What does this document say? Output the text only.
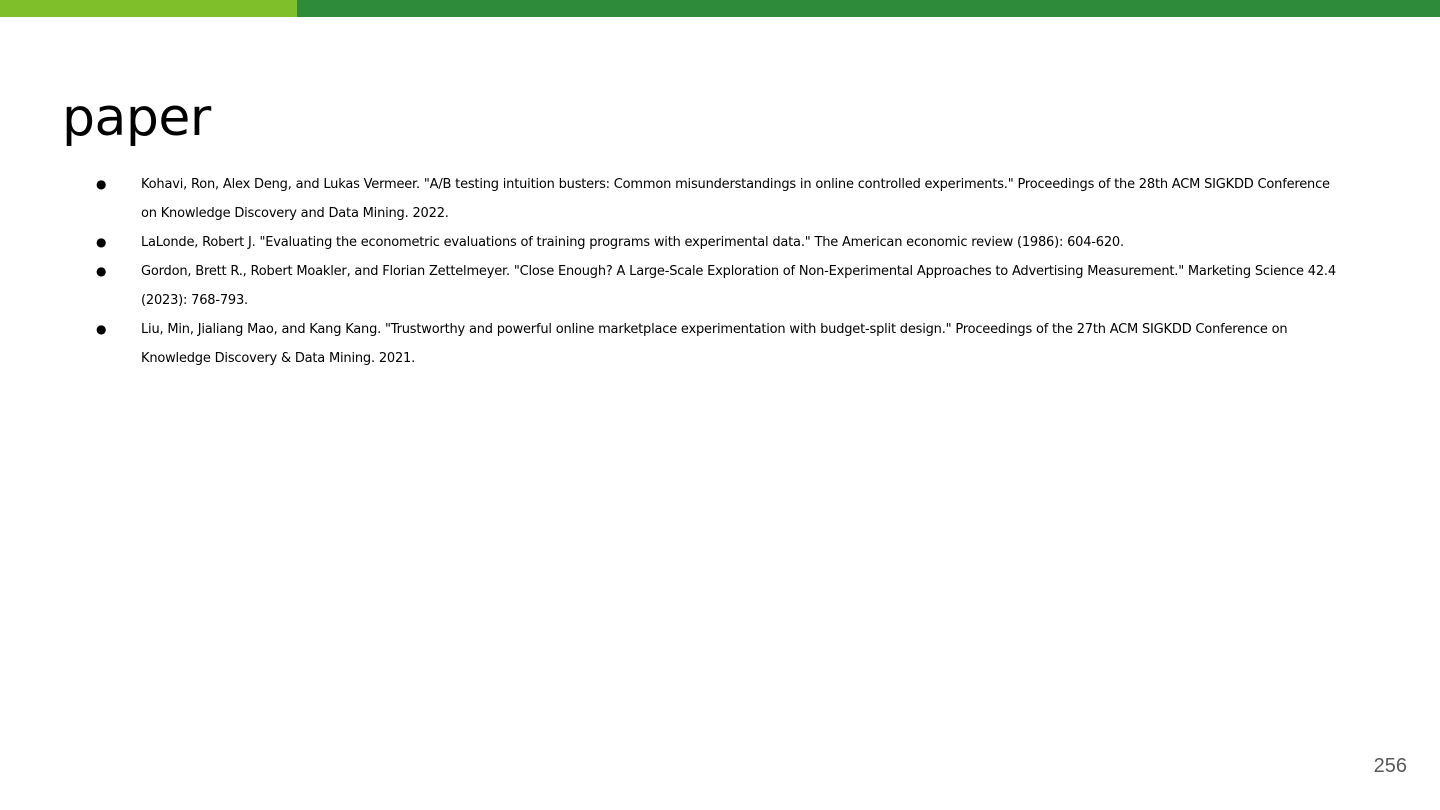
paper
●	Kohavi, Ron, Alex Deng, and Lukas Vermeer. "A/B testing intuition busters: Common misunderstandings in online controlled experiments." Proceedings of the 28th ACM SIGKDD Conference on Knowledge Discovery and Data Mining. 2022.
●	LaLonde, Robert J. "Evaluating the econometric evaluations of training programs with experimental data." The American economic review (1986): 604-620.
●	Gordon, Brett R., Robert Moakler, and Florian Zettelmeyer. "Close Enough? A Large-Scale Exploration of Non-Experimental Approaches to Advertising Measurement." Marketing Science 42.4 (2023): 768-793.
●	Liu, Min, Jialiang Mao, and Kang Kang. "Trustworthy and powerful online marketplace experimentation with budget-split design." Proceedings of the 27th ACM SIGKDD Conference on Knowledge Discovery & Data Mining. 2021.
256
